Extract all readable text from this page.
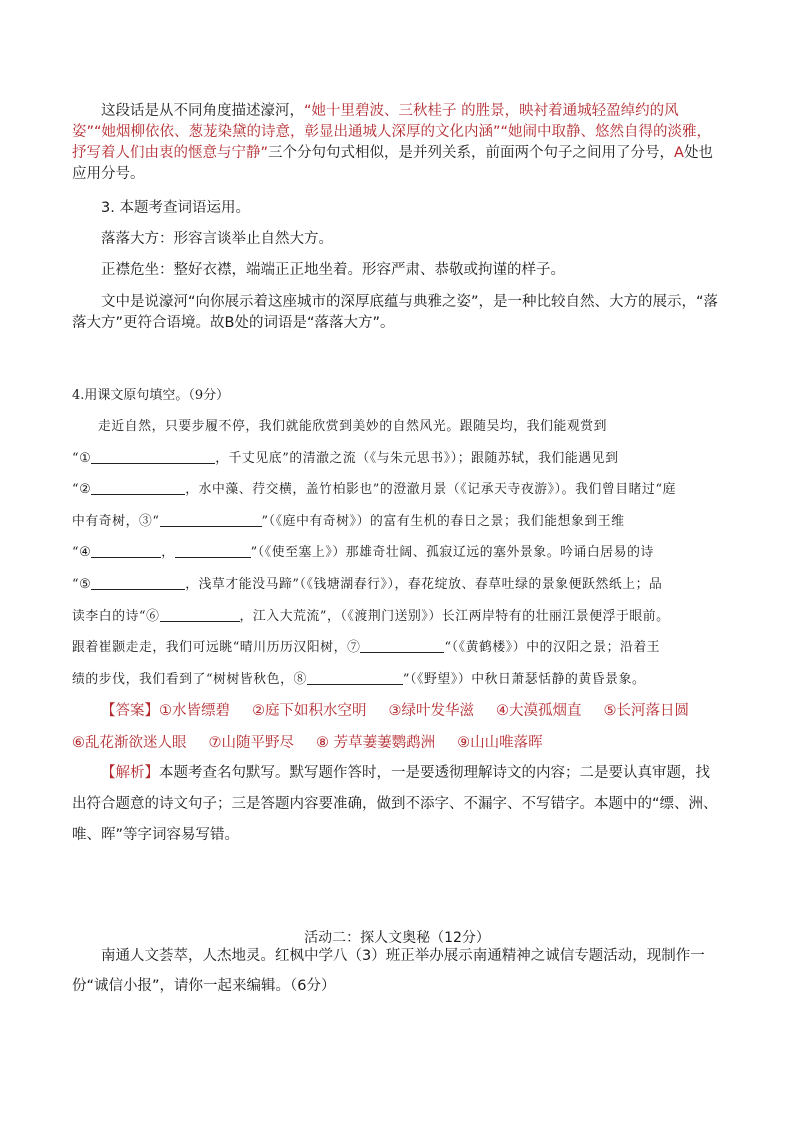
这段话是从不同角度描述濠河，“她十里碧波、三秋桂子 的胜景，映衬着通城轻盈绰约的风姿”“她烟柳依依、葱茏染黛的诗意，彰显出通城人深厚的文化内涵”“她闹中取静、悠然自得的淡雅，抒写着人们由衷的惬意与宁静”三个分句句式相似，是并列关系，前面两个句子之间用了分号，A处也应用分号。

3. 本题考查词语运用。

落落大方：形容言谈举止自然大方。

正襟危坐：整好衣襟，端端正正地坐着。形容严肃、恭敬或拘谨的样子。

文中是说濠河“向你展示着这座城市的深厚底蕴与典雅之姿”，是一种比较自然、大方的展示，“落落大方”更符合语境。故B处的词语是“落落大方”。

4.用课文原句填空。（9分）

走近自然，只要步履不停，我们就能欣赏到美妙的自然风光。跟随吴均，我们能观赏到
“①	，千丈见底”的清澈之流（《与朱元思书》）；跟随苏轼，我们能遇见到
“②	，水中藻、荇交横，盖竹柏影也”的澄澈月景（《记承天寺夜游》）。我们曾目睹过“庭
中有奇树，③“	”（《庭中有奇树》）的富有生机的春日之景；我们能想象到王维
“④	，	”（《使至塞上》）那雄奇壮阔、孤寂辽远的塞外景象。吟诵白居易的诗
“⑤	，浅草才能没马蹄”（《钱塘湖春行》），春花绽放、春草吐绿的景象便跃然纸上；品
读李白的诗“⑥	，江入大荒流”，（《渡荆门送别》）长江两岸特有的壮丽江景便浮于眼前。
跟着崔颢走走，我们可远眺“晴川历历汉阳树，⑦	“（《黄鹤楼》）中的汉阳之景；沿着王
绩的步伐，我们看到了“树树皆秋色，⑧	”（《野望》）中秋日萧瑟恬静的黄昏景象。

【答案】①水皆缥碧 ②庭下如积水空明 ③绿叶发华滋 ④大漠孤烟直 ⑤长河落日圆⑥乱花渐欲迷人眼 ⑦山随平野尽 ⑧ 芳草萋萋鹦鹉洲 ⑨山山唯落晖

【解析】本题考查名句默写。默写题作答时，一是要透彻理解诗文的内容；二是要认真审题，找出符合题意的诗文句子；三是答题内容要准确，做到不添字、不漏字、不写错字。本题中的“缥、洲、唯、晖”等字词容易写错。

活动二：探人文奥秘（12分）

南通人文荟萃，人杰地灵。红枫中学八（3）班正举办展示南通精神之诚信专题活动，现制作一份“诚信小报”，请你一起来编辑。（6分）
